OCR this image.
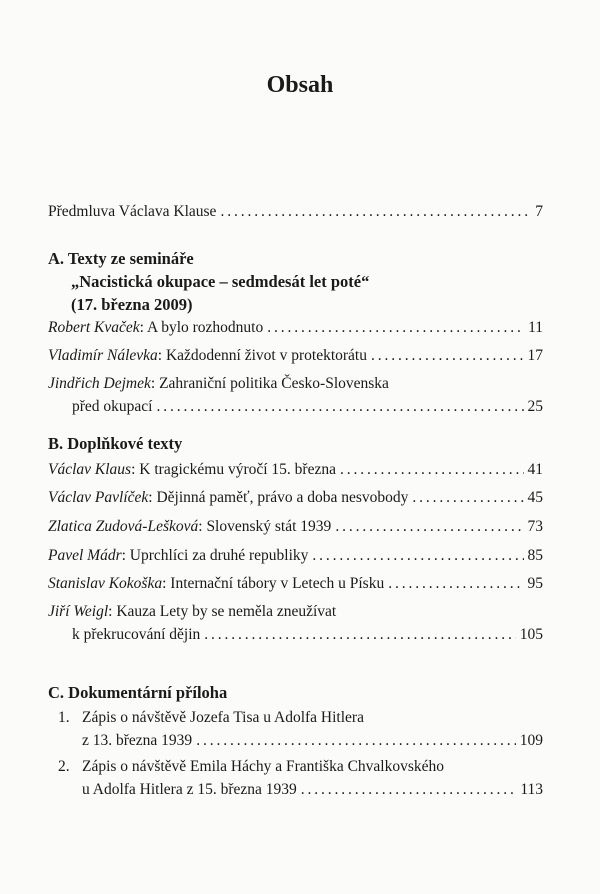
Obsah
Předmluva Václava Klause . . .	7
A. Texty ze semináře
„Nacistická okupace – sedmdesát let poté“
(17. března 2009)
Robert Kvaček: A bylo rozhodnuto . . .	11
Vladimír Nálevka: Každodenní život v protektorátu . . .	17
Jindřich Dejmek: Zahraniční politika Česko-Slovenska
před okupací . . .	25
B. Doplňkové texty
Václav Klaus: K tragickému výročí 15. března . . .	41
Václav Pavlíček: Dějinná paměť, právo a doba nesvobody . . .	45
Zlatica Zudová-Lešková: Slovenský stát 1939 . . .	73
Pavel Mádr: Uprchlíci za druhé republiky . . .	85
Stanislav Kokoška: Internační tábory v Letech u Písku . . .	95
Jiří Weigl: Kauza Lety by se neměla zneužívat
k překrucování dějin . . .	105
C. Dokumentární příloha
1. Zápis o návštěvě Jozefa Tisa u Adolfa Hitlera
z 13. března 1939 . . .	109
2. Zápis o návštěvě Emila Háchy a Františka Chvalkovského
u Adolfa Hitlera z 15. března 1939 . . .	113
